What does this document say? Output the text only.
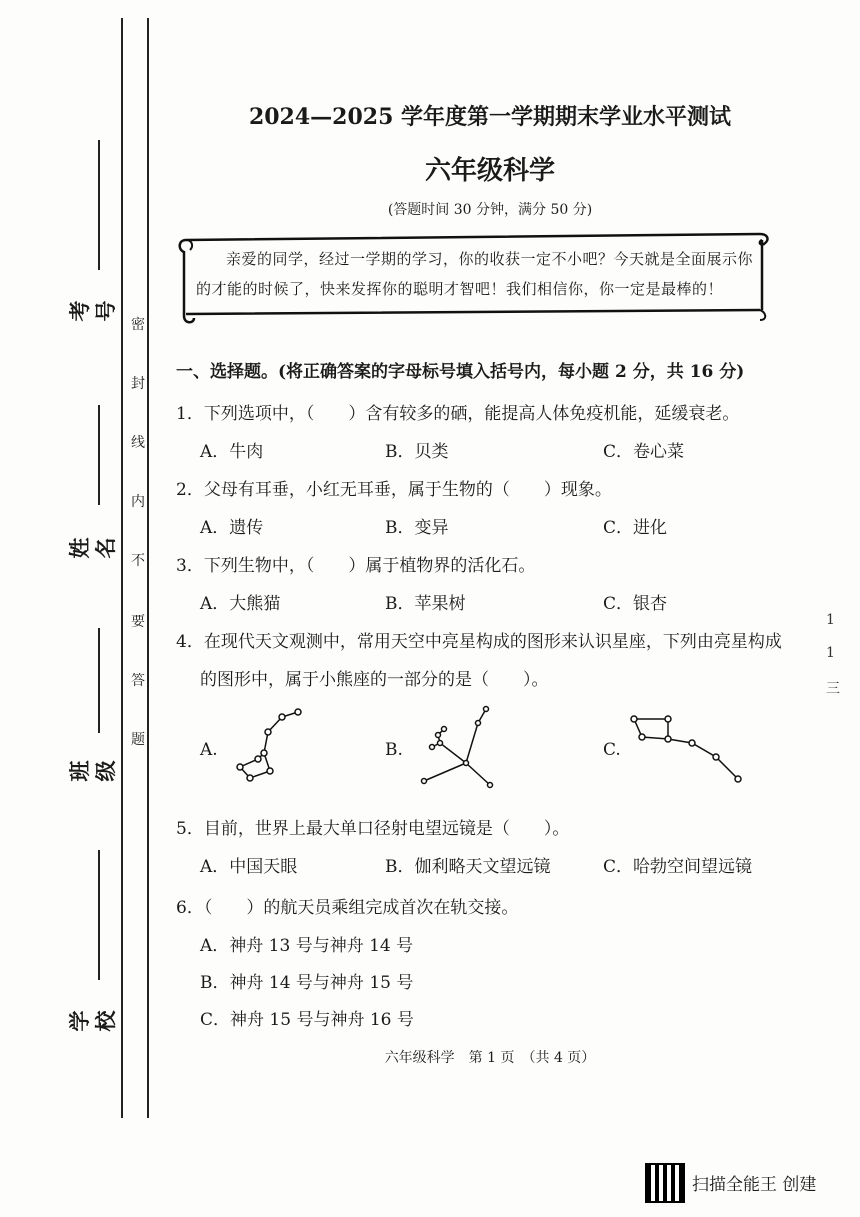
考号
姓名
班级
学校
密
封
线
内
不
要
答
题
2024—2025 学年度第一学期期末学业水平测试
六年级科学
(答题时间 30 分钟，满分 50 分)
亲爱的同学，经过一学期的学习，你的收获一定不小吧？今天就是全面展示你
的才能的时候了，快来发挥你的聪明才智吧！我们相信你，你一定是最棒的！
一、选择题。(将正确答案的字母标号填入括号内，每小题 2 分，共 16 分)
1．下列选项中，（　　）含有较多的硒，能提高人体免疫机能，延缓衰老。
A．牛肉	B．贝类	C．卷心菜
2．父母有耳垂，小红无耳垂，属于生物的（　　）现象。
A．遗传	B．变异	C．进化
3．下列生物中，（　　）属于植物界的活化石。
A．大熊猫	B．苹果树	C．银杏
4．在现代天文观测中，常用天空中亮星构成的图形来认识星座，下列由亮星构成
的图形中，属于小熊座的一部分的是（　　）。
A.	B.	C.
5．目前，世界上最大单口径射电望远镜是（　　）。
A．中国天眼	B．伽利略天文望远镜	C．哈勃空间望远镜
6．（　　）的航天员乘组完成首次在轨交接。
A．神舟 13 号与神舟 14 号
B．神舟 14 号与神舟 15 号
C．神舟 15 号与神舟 16 号
六年级科学　第 1 页　（共 4 页）
1
1
三
扫描全能王 创建
